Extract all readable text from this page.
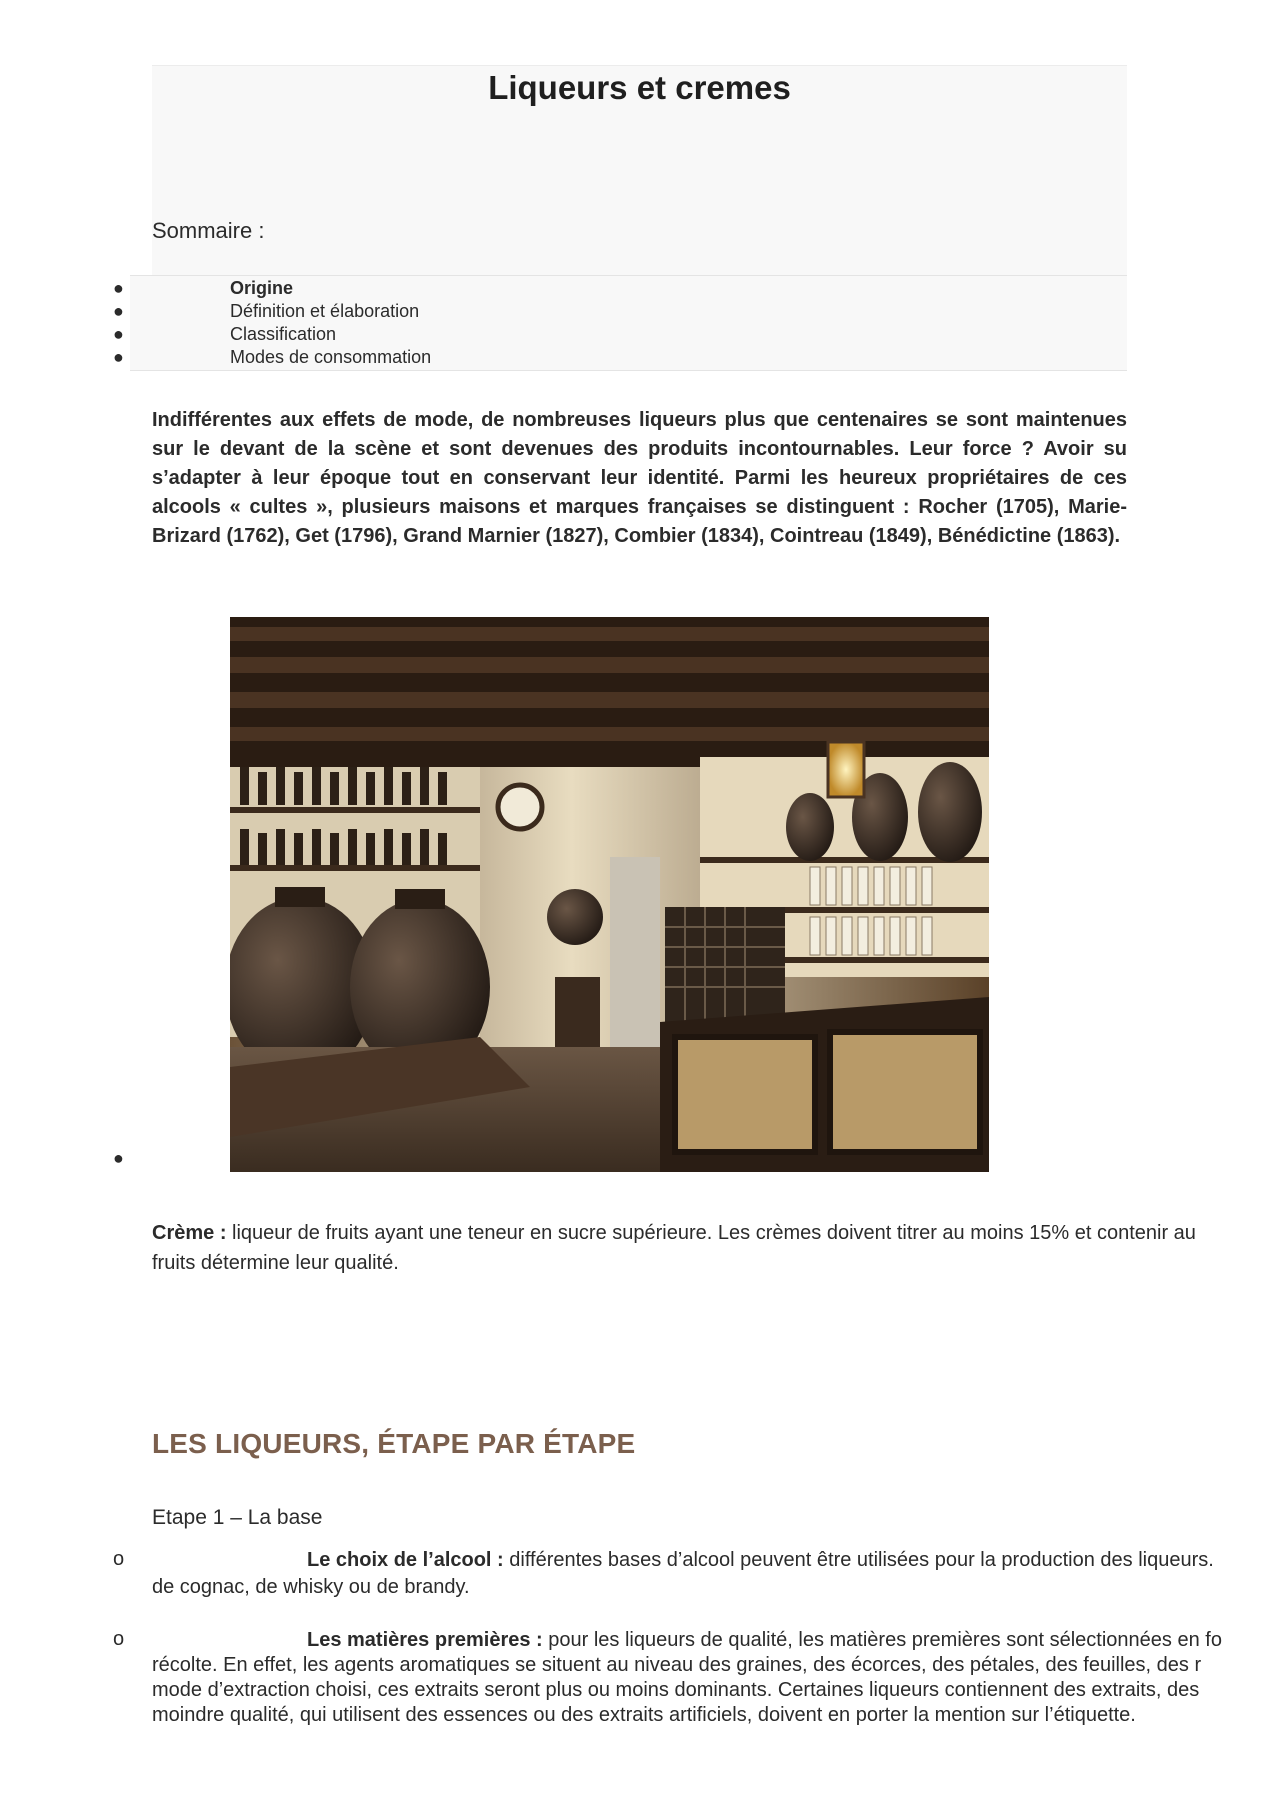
Liqueurs et cremes

Sommaire :

●	Origine
●	Définition et élaboration
●	Classification
●	Modes de consommation

Indifférentes aux effets de mode, de nombreuses liqueurs plus que centenaires se sont maintenues sur le devant de la scène et sont devenues des produits incontournables. Leur force ? Avoir su s’adapter à leur époque tout en conservant leur identité. Parmi les heureux propriétaires de ces alcools « cultes », plusieurs maisons et marques françaises se distinguent : Rocher (1705), Marie-Brizard (1762), Get (1796), Grand Marnier (1827), Combier (1834), Cointreau (1849), Bénédictine (1863).

●

Crème : liqueur de fruits ayant une teneur en sucre supérieure. Les crèmes doivent titrer au moins 15% et contenir au

fruits détermine leur qualité.

LES LIQUEURS, ÉTAPE PAR ÉTAPE

Etape 1 – La base

o	Le choix de l’alcool : différentes bases d’alcool peuvent être utilisées pour la production des liqueurs.

de cognac, de whisky ou de brandy.

o	Les matières premières : pour les liqueurs de qualité, les matières premières sont sélectionnées en fo

récolte. En effet, les agents aromatiques se situent au niveau des graines, des écorces, des pétales, des feuilles, des r

mode d’extraction choisi, ces extraits seront plus ou moins dominants. Certaines liqueurs contiennent des extraits, des

moindre qualité, qui utilisent des essences ou des extraits artificiels, doivent en porter la mention sur l’étiquette.
